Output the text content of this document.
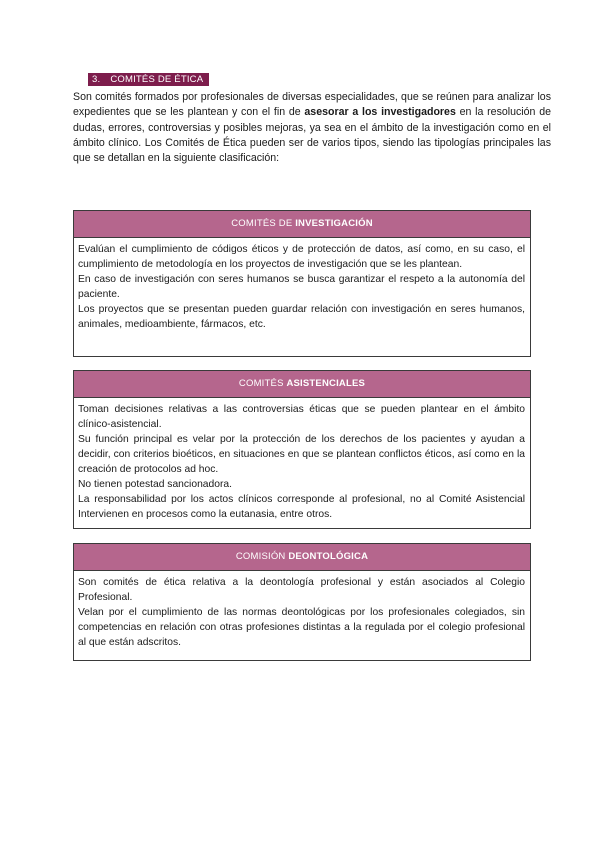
3. COMITÉS DE ÉTICA

Son comités formados por profesionales de diversas especialidades, que se reúnen para analizar los expedientes que se les plantean y con el fin de asesorar a los investigadores en la resolución de dudas, errores, controversias y posibles mejoras, ya sea en el ámbito de la investigación como en el ámbito clínico. Los Comités de Ética pueden ser de varios tipos, siendo las tipologías principales las que se detallan en la siguiente clasificación:

COMITÉS DE INVESTIGACIÓN

Evalúan el cumplimiento de códigos éticos y de protección de datos, así como, en su caso, el cumplimiento de metodología en los proyectos de investigación que se les plantean.

En caso de investigación con seres humanos se busca garantizar el respeto a la autonomía del paciente.

Los proyectos que se presentan pueden guardar relación con investigación en seres humanos, animales, medioambiente, fármacos, etc.

COMITÉS ASISTENCIALES

Toman decisiones relativas a las controversias éticas que se pueden plantear en el ámbito clínico-asistencial.

Su función principal es velar por la protección de los derechos de los pacientes y ayudan a decidir, con criterios bioéticos, en situaciones en que se plantean conflictos éticos, así como en la creación de protocolos ad hoc.

No tienen potestad sancionadora.

La responsabilidad por los actos clínicos corresponde al profesional, no al Comité Asistencial Intervienen en procesos como la eutanasia, entre otros.

COMISIÓN DEONTOLÓGICA

Son comités de ética relativa a la deontología profesional y están asociados al Colegio Profesional.

Velan por el cumplimiento de las normas deontológicas por los profesionales colegiados, sin competencias en relación con otras profesiones distintas a la regulada por el colegio profesional al que están adscritos.
